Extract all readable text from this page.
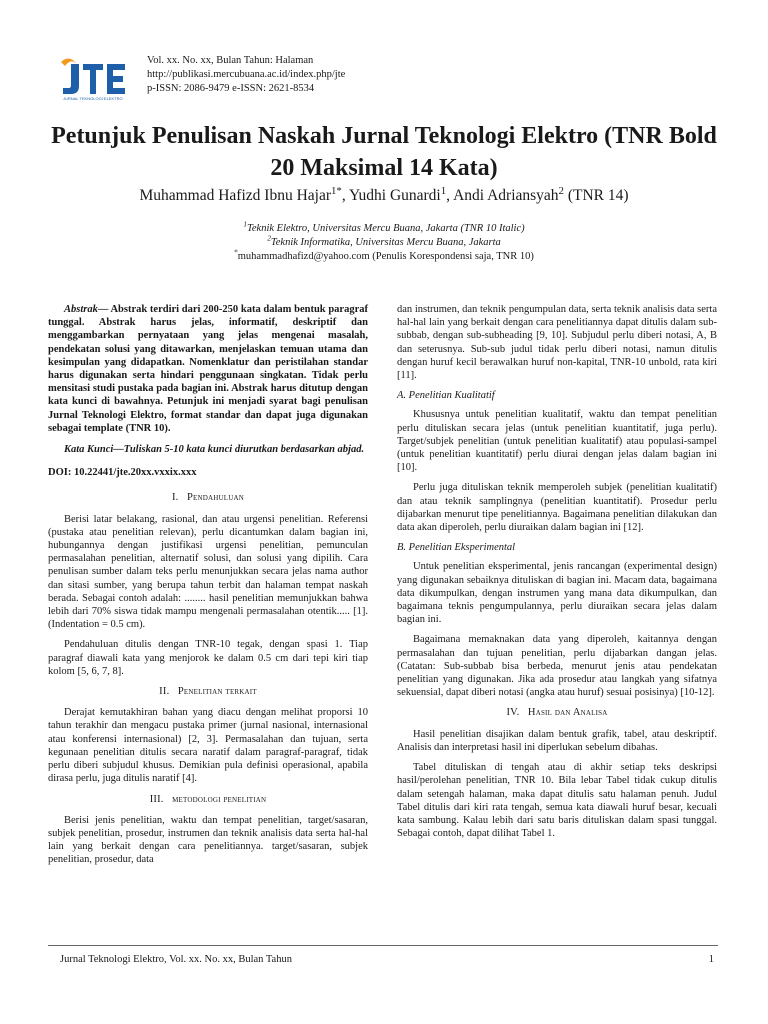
JURNAL TEKNOLOGI ELEKTRO
Vol. xx. No. xx, Bulan Tahun: Halaman
http://publikasi.mercubuana.ac.id/index.php/jte
p-ISSN: 2086-9479 e-ISSN: 2621-8534
Petunjuk Penulisan Naskah Jurnal Teknologi Elektro (TNR Bold 20 Maksimal 14 Kata)
Muhammad Hafizd Ibnu Hajar$^{1*}$, Yudhi Gunardi$^1$, Andi Adriansyah$^2$ (TNR 14)
$^1$Teknik Elektro, Universitas Mercu Buana, Jakarta (TNR 10 Italic)
$^2$Teknik Informatika, Universitas Mercu Buana, Jakarta
*muhammadhafizd@yahoo.com (Penulis Korespondensi saja, TNR 10)

Abstrak— Abstrak terdiri dari 200-250 kata dalam bentuk paragraf tunggal. Abstrak harus jelas, informatif, deskriptif dan menggambarkan pernyataan yang jelas mengenai masalah, pendekatan solusi yang ditawarkan, menjelaskan temuan utama dan kesimpulan yang didapatkan. Nomenklatur dan peristilahan standar harus digunakan serta hindari penggunaan singkatan. Tidak perlu mensitasi studi pustaka pada bagian ini. Abstrak harus ditutup dengan kata kunci di bawahnya. Petunjuk ini menjadi syarat bagi penulisan Jurnal Teknologi Elektro, format standar dan dapat juga digunakan sebagai template (TNR 10).

Kata Kunci—Tuliskan 5-10 kata kunci diurutkan berdasarkan abjad.

DOI: 10.22441/jte.20xx.vxxix.xxx

I. Pendahuluan

Berisi latar belakang, rasional, dan atau urgensi penelitian. Referensi (pustaka atau penelitian relevan), perlu dicantumkan dalam bagian ini, hubungannya dengan justifikasi urgensi penelitian, pemunculan permasalahan penelitian, alternatif solusi, dan solusi yang dipilih. Cara penulisan sumber dalam teks perlu menunjukkan secara jelas nama author dan sitasi sumber, yang berupa tahun terbit dan halaman tempat naskah berada. Sebagai contoh adalah: ........ hasil penelitian memunjukkan bahwa lebih dari 70% siswa tidak mampu mengenali permasalahan otentik..... [1]. (Indentation = 0.5 cm).

Pendahuluan ditulis dengan TNR-10 tegak, dengan spasi 1. Tiap paragraf diawali kata yang menjorok ke dalam 0.5 cm dari tepi kiri tiap kolom [5, 6, 7, 8].

II. Penelitian terkait

Derajat kemutakhiran bahan yang diacu dengan melihat proporsi 10 tahun terakhir dan mengacu pustaka primer (jurnal nasional, internasional atau konferensi internasional) [2, 3]. Permasalahan dan tujuan, serta kegunaan penelitian ditulis secara naratif dalam paragraf-paragraf, tidak perlu diberi subjudul khusus. Demikian pula definisi operasional, apabila dirasa perlu, juga ditulis naratif [4].

III. metodologi penelitian

Berisi jenis penelitian, waktu dan tempat penelitian, target/sasaran, subjek penelitian, prosedur, instrumen dan teknik analisis data serta hal-hal lain yang berkait dengan cara penelitiannya. target/sasaran, subjek penelitian, prosedur, data

dan instrumen, dan teknik pengumpulan data, serta teknik analisis data serta hal-hal lain yang berkait dengan cara penelitiannya dapat ditulis dalam sub-subbab, dengan sub-subheading [9, 10]. Subjudul perlu diberi notasi, A, B dan seterusnya. Sub-sub judul tidak perlu diberi notasi, namun ditulis dengan huruf kecil berawalkan huruf non-kapital, TNR-10 unbold, rata kiri [11].

A. Penelitian Kualitatif

Khususnya untuk penelitian kualitatif, waktu dan tempat penelitian perlu dituliskan secara jelas (untuk penelitian kuantitatif, juga perlu). Target/subjek penelitian (untuk penelitian kualitatif) atau populasi-sampel (untuk penelitian kuantitatif) perlu diurai dengan jelas dalam bagian ini [10].

Perlu juga dituliskan teknik memperoleh subjek (penelitian kualitatif) dan atau teknik samplingnya (penelitian kuantitatif). Prosedur perlu dijabarkan menurut tipe penelitiannya. Bagaimana penelitian dilakukan dan data akan diperoleh, perlu diuraikan dalam bagian ini [12].

B. Penelitian Eksperimental

Untuk penelitian eksperimental, jenis rancangan (experimental design) yang digunakan sebaiknya dituliskan di bagian ini. Macam data, bagaimana data dikumpulkan, dengan instrumen yang mana data dikumpulkan, dan bagaimana teknis pengumpulannya, perlu diuraikan secara jelas dalam bagian ini.

Bagaimana memaknakan data yang diperoleh, kaitannya dengan permasalahan dan tujuan penelitian, perlu dijabarkan dangan jelas. (Catatan: Sub-subbab bisa berbeda, menurut jenis atau pendekatan penelitian yang digunakan. Jika ada prosedur atau langkah yang sifatnya sekuensial, dapat diberi notasi (angka atau huruf) sesuai posisinya) [10-12].

IV. Hasil dan Analisa

Hasil penelitian disajikan dalam bentuk grafik, tabel, atau deskriptif. Analisis dan interpretasi hasil ini diperlukan sebelum dibahas.

Tabel dituliskan di tengah atau di akhir setiap teks deskripsi hasil/perolehan penelitian, TNR 10. Bila lebar Tabel tidak cukup ditulis dalam setengah halaman, maka dapat ditulis satu halaman penuh. Judul Tabel ditulis dari kiri rata tengah, semua kata diawali huruf besar, kecuali kata sambung. Kalau lebih dari satu baris dituliskan dalam spasi tunggal. Sebagai contoh, dapat dilihat Tabel 1.

Jurnal Teknologi Elektro, Vol. xx. No. xx, Bulan Tahun	1
